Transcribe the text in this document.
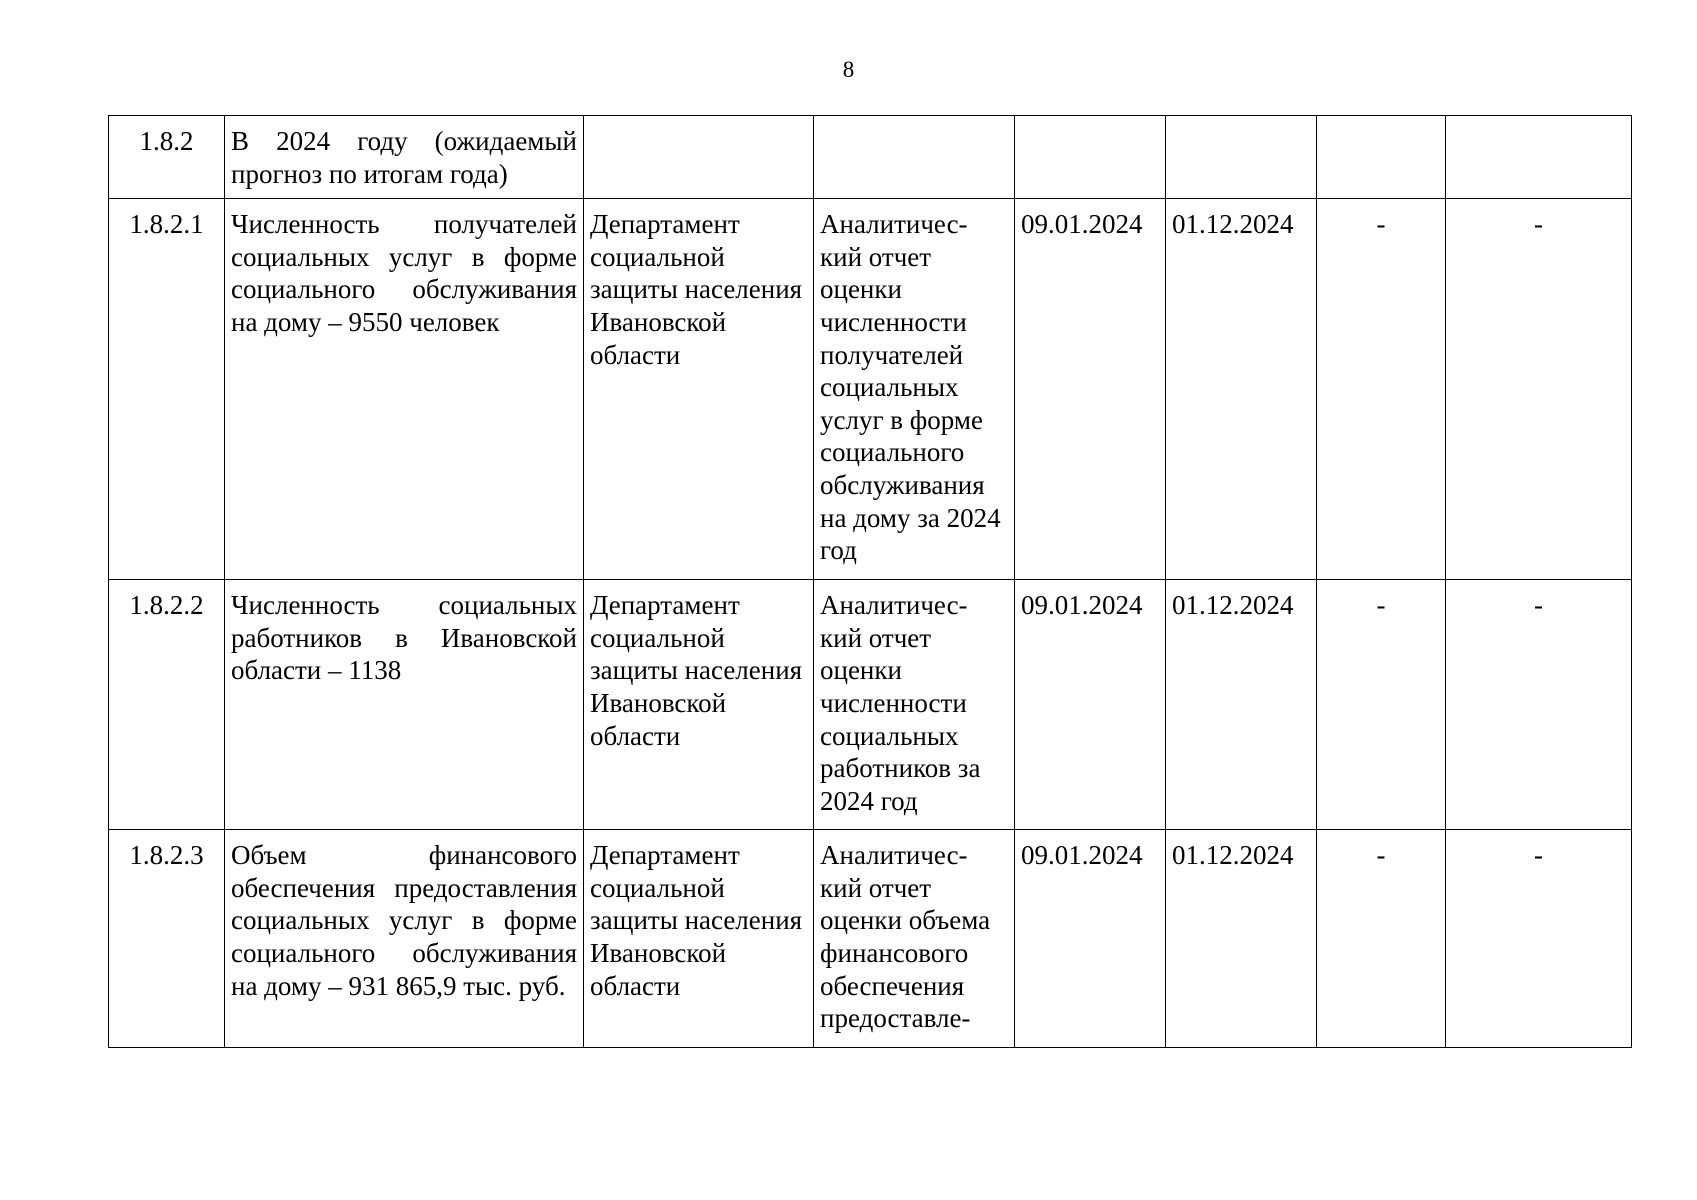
8
1.8.2	В 2024 году (ожидаемый прогноз по итогам года)						
1.8.2.1	Численность получателей социальных услуг в форме социального обслуживания на дому – 9550 человек	Департамент социальной защиты населения Ивановской области	Аналитичес-кий отчет оценки численности получателей социальных услуг в форме социального обслуживания на дому за 2024 год	09.01.2024	01.12.2024	-	-
1.8.2.2	Численность социальных работников в Ивановской области – 1138	Департамент социальной защиты населения Ивановской области	Аналитичес-кий отчет оценки численности социальных работников за 2024 год	09.01.2024	01.12.2024	-	-
1.8.2.3	Объем финансового обеспечения предоставления социальных услуг в форме социального обслуживания на дому – 931 865,9 тыс. руб.	Департамент социальной защиты населения Ивановской области	Аналитичес-кий отчет оценки объема финансового обеспечения предоставле-	09.01.2024	01.12.2024	-	-
